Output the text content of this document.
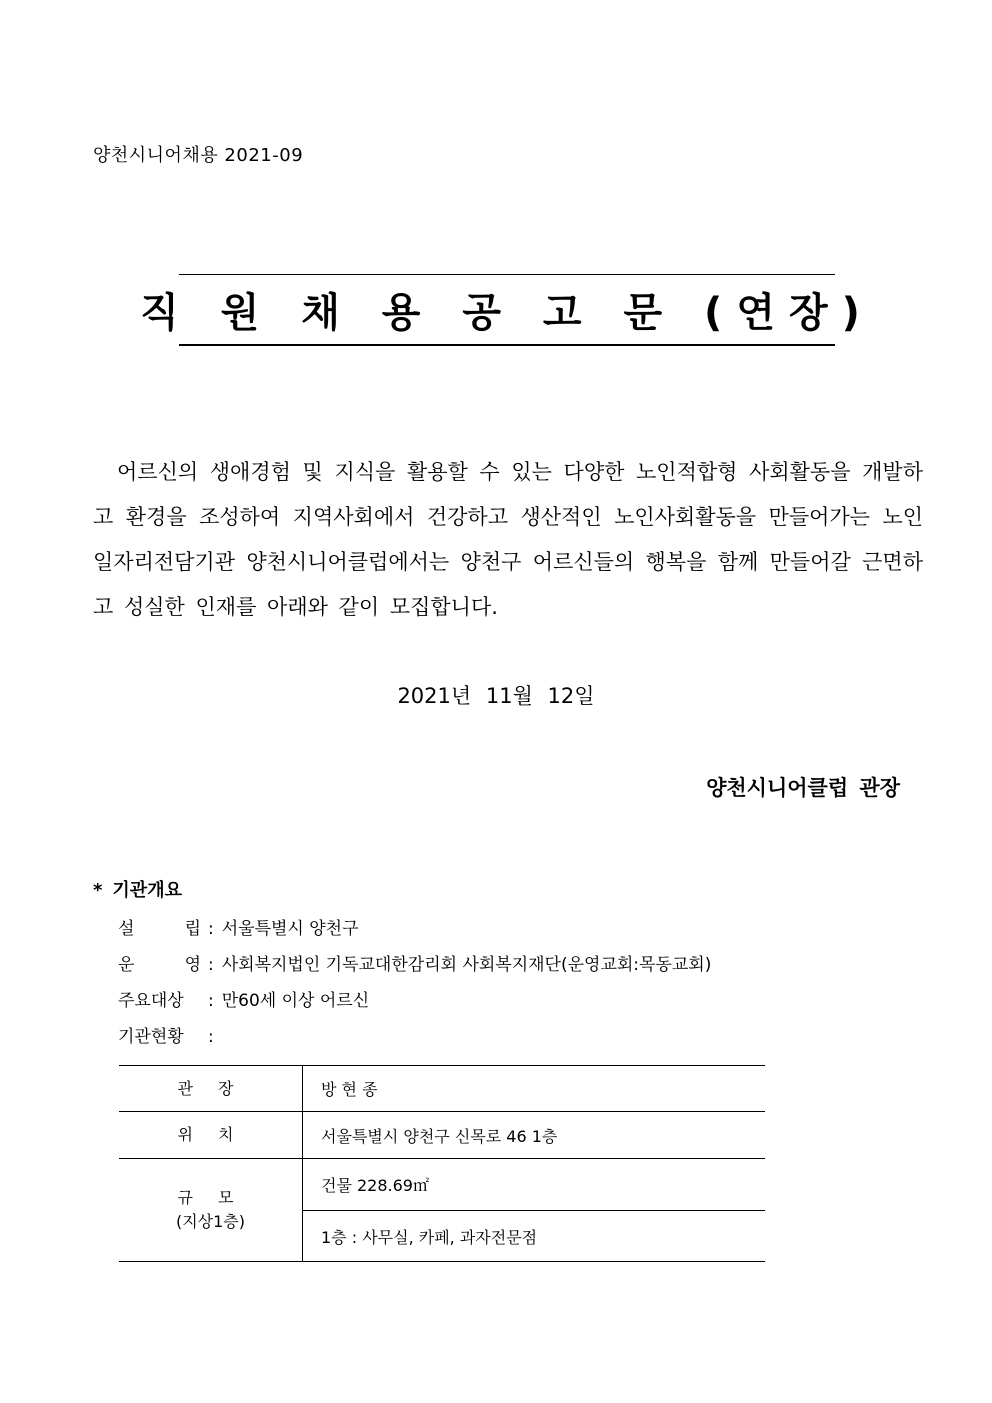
양천시니어채용 2021-09
직 원 채 용 공 고 문 (연장)

어르신의 생애경험 및 지식을 활용할 수 있는 다양한 노인적합형 사회활동을 개발하고 환경을 조성하여 지역사회에서 건강하고 생산적인 노인사회활동을 만들어가는 노인일자리전담기관 양천시니어클럽에서는 양천구 어르신들의 행복을 함께 만들어갈 근면하고 성실한 인재를 아래와 같이 모집합니다.

2021년 11월 12일
양천시니어클럽 관장
* 기관개요
설	립 : 서울특별시 양천구
운	영 : 사회복지법인 기독교대한감리회 사회복지재단(운영교회:목동교회)
주요대상	: 만60세 이상 어르신
기관현황	:
관 장	방 현 종
위 치	서울특별시 양천구 신목로 46 1층

규 모
(지상1층)	건물 228.69㎡
	1층 : 사무실, 카페, 과자전문점
